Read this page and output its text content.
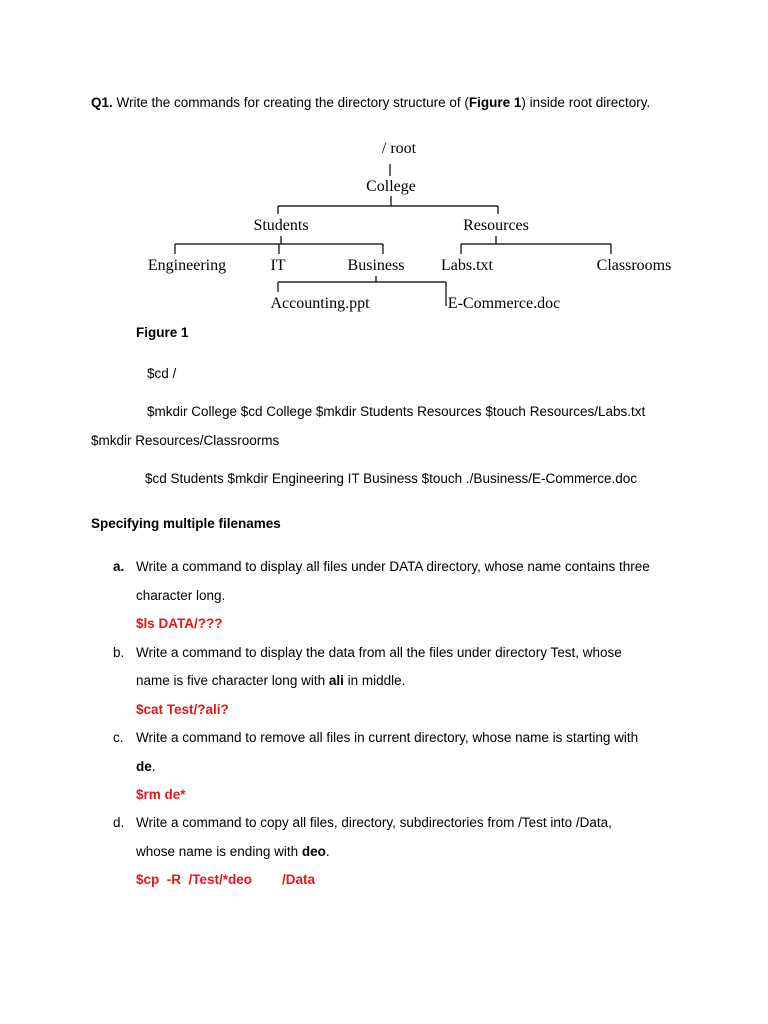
Q1. Write the commands for creating the directory structure of (Figure 1) inside root directory.
/ root
College
Students	Resources
Engineering	IT	Business Labs.txt	Classrooms
Accounting.ppt	E-Commerce.doc
Figure 1
$cd /
$mkdir College $cd College $mkdir Students Resources $touch Resources/Labs.txt
$mkdir Resources/Classroorms
$cd Students $mkdir Engineering IT Business $touch ./Business/E-Commerce.doc
Specifying multiple filenames
a. Write a command to display all files under DATA directory, whose name contains three
character long.
$ls DATA/???
b. Write a command to display the data from all the files under directory Test, whose
name is five character long with ali in middle.
$cat Test/?ali?
c. Write a command to remove all files in current directory, whose name is starting with
de.
$rm de*
d. Write a command to copy all files, directory, subdirectories from /Test into /Data,
whose name is ending with deo.
$cp  -R  /Test/*deo        /Data
